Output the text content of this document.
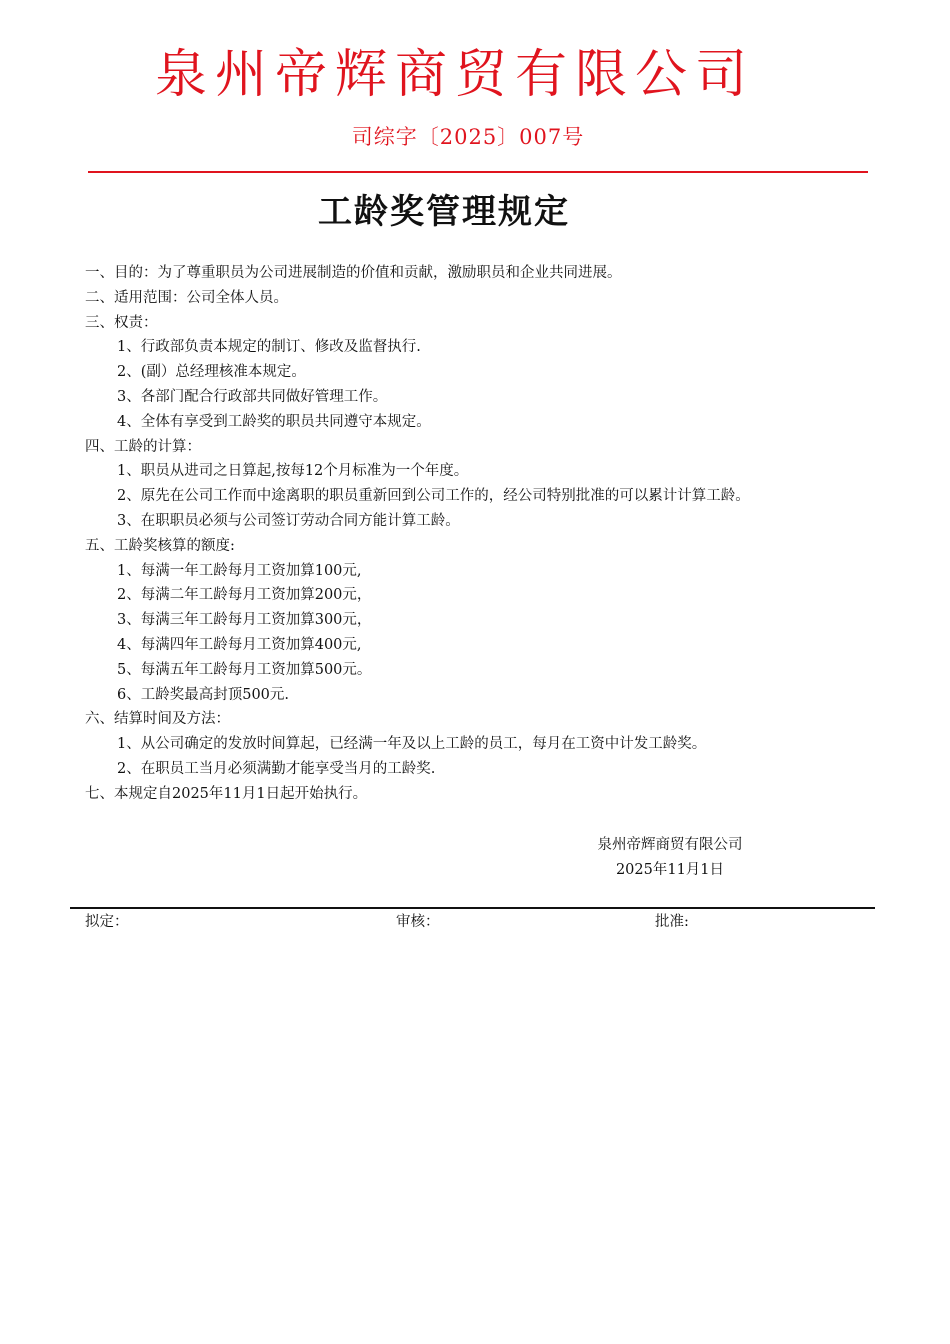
泉州帝辉商贸有限公司
司综字〔2025〕007号
工龄奖管理规定
一、目的：为了尊重职员为公司进展制造的价值和贡献，激励职员和企业共同进展。
二、适用范围：公司全体人员。
三、权责：
1、行政部负责本规定的制订、修改及监督执行.
2、(副）总经理核准本规定。
3、各部门配合行政部共同做好管理工作。
4、全体有享受到工龄奖的职员共同遵守本规定。
四、工龄的计算：
1、职员从进司之日算起,按每12个月标准为一个年度。
2、原先在公司工作而中途离职的职员重新回到公司工作的，经公司特别批准的可以累计计算工龄。
3、在职职员必须与公司签订劳动合同方能计算工龄。
五、工龄奖核算的额度:
1、每满一年工龄每月工资加算100元,
2、每满二年工龄每月工资加算200元，
3、每满三年工龄每月工资加算300元，
4、每满四年工龄每月工资加算400元,
5、每满五年工龄每月工资加算500元。
6、工龄奖最高封顶500元.
六、结算时间及方法：
1、从公司确定的发放时间算起，已经满一年及以上工龄的员工，每月在工资中计发工龄奖。
2、在职员工当月必须满勤才能享受当月的工龄奖.
七、本规定自2025年11月1日起开始执行。
泉州帝辉商贸有限公司
2025年11月1日
拟定：	审核：	批准:
